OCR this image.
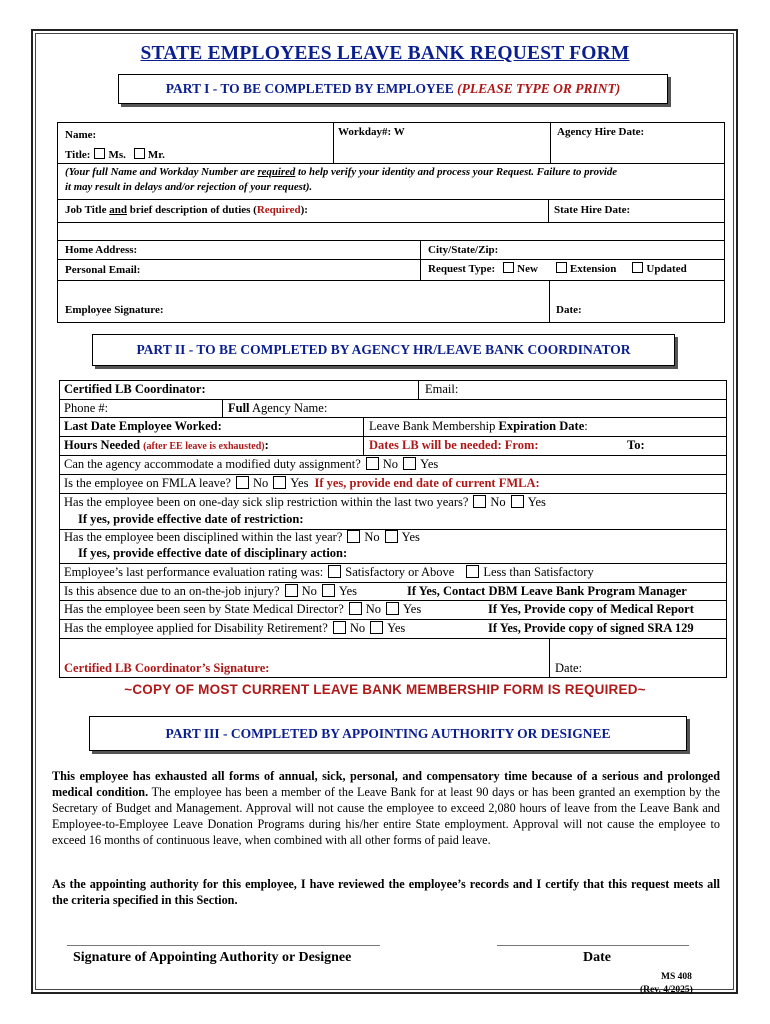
STATE EMPLOYEES LEAVE BANK REQUEST FORM
PART I - TO BE COMPLETED BY EMPLOYEE (PLEASE TYPE OR PRINT)
Name:	Workday#: W	Agency Hire Date:
Title: Ms. Mr.
(Your full Name and Workday Number are required to help verify your identity and process your Request. Failure to provide
it may result in delays and/or rejection of your request).
Job Title and brief description of duties (Required):	State Hire Date:
Home Address:	City/State/Zip:
Personal Email:	Request Type: New	Extension	Updated
Employee Signature:	Date:
PART II - TO BE COMPLETED BY AGENCY HR/LEAVE BANK COORDINATOR
Certified LB Coordinator:	Email:
Phone #:	Full Agency Name:
Last Date Employee Worked:	Leave Bank Membership Expiration Date:
Hours Needed (after EE leave is exhausted):	Dates LB will be needed: From:	To:
Can the agency accommodate a modified duty assignment? No Yes
Is the employee on FMLA leave? No Yes If yes, provide end date of current FMLA:
Has the employee been on one-day sick slip restriction within the last two years? No Yes
If yes, provide effective date of restriction:
Has the employee been disciplined within the last year? No Yes
If yes, provide effective date of disciplinary action:
Employee’s last performance evaluation rating was: Satisfactory or Above Less than Satisfactory
Is this absence due to an on-the-job injury? No Yes	If Yes, Contact DBM Leave Bank Program Manager
Has the employee been seen by State Medical Director? No Yes	If Yes, Provide copy of Medical Report
Has the employee applied for Disability Retirement? No Yes	If Yes, Provide copy of signed SRA 129
Certified LB Coordinator’s Signature:	Date:
~COPY OF MOST CURRENT LEAVE BANK MEMBERSHIP FORM IS REQUIRED~
PART III - COMPLETED BY APPOINTING AUTHORITY OR DESIGNEE
This employee has exhausted all forms of annual, sick, personal, and compensatory time because of a serious and prolonged medical condition. The employee has been a member of the Leave Bank for at least 90 days or has been granted an exemption by the Secretary of Budget and Management. Approval will not cause the employee to exceed 2,080 hours of leave from the Leave Bank and Employee-to-Employee Leave Donation Programs during his/her entire State employment. Approval will not cause the employee to exceed 16 months of continuous leave, when combined with all other forms of paid leave.
As the appointing authority for this employee, I have reviewed the employee’s records and I certify that this request meets all the criteria specified in this Section.
Signature of Appointing Authority or Designee	Date
MS 408
(Rev. 4/2025)
